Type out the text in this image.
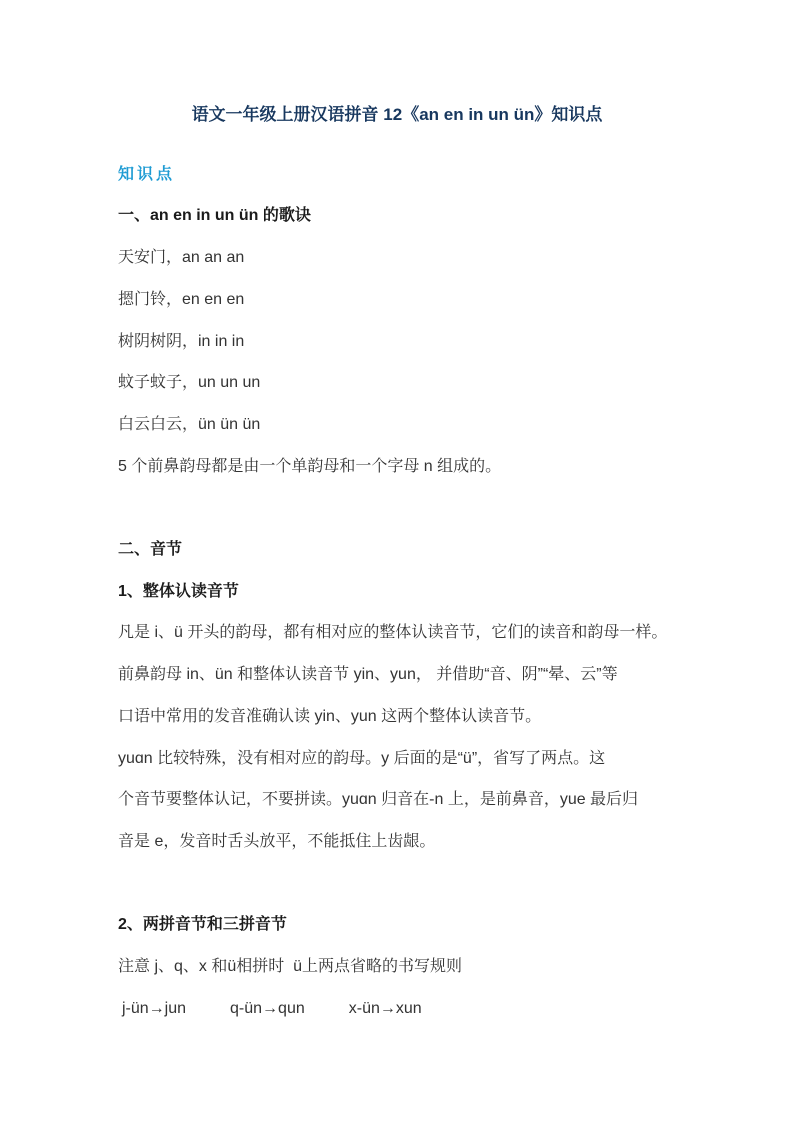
语文一年级上册汉语拼音 12《an en in un ün》知识点
知识点
一、an en in un ün 的歌诀
天安门，an an an
摁门铃，en en en
树阴树阴，in in in
蚊子蚊子，un un un
白云白云，ün ün ün
5 个前鼻韵母都是由一个单韵母和一个字母 n 组成的。
二、音节
1、整体认读音节
凡是 i、ü 开头的韵母，都有相对应的整体认读音节，它们的读音和韵母一样。
前鼻韵母 in、ün 和整体认读音节 yin、yun， 并借助“音、阴”“晕、云”等
口语中常用的发音准确认读 yin、yun 这两个整体认读音节。
yuɑn 比较特殊，没有相对应的韵母。y 后面的是“ü”，省写了两点。这
个音节要整体认记，不要拼读。yuɑn 归音在-n 上，是前鼻音，yue 最后归
音是 e，发音时舌头放平，不能抵住上齿龈。
2、两拼音节和三拼音节
注意 j、q、x 和ü相拼时  ü上两点省略的书写规则
j-ün→jun	q-ün→qun	x-ün→xun
